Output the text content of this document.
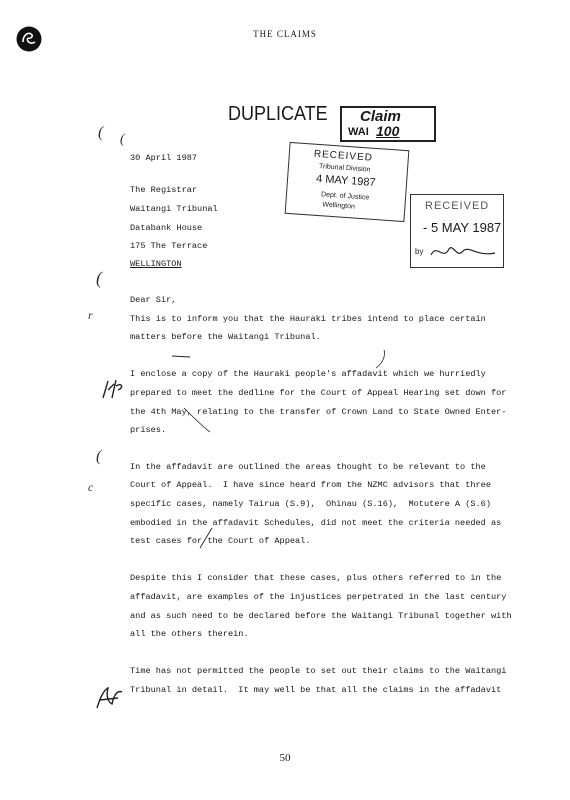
THE CLAIMS
DUPLICATE Claim
WAI 100
RECEIVED
Tribunal Division
4 MAY 1987
Dept. of Justice
Wellington	RECEIVED
- 5 MAY 1987
by
30 April 1987
The Registrar
Waitangi Tribunal
Databank House
175 The Terrace
WELLINGTON
Dear Sir,
This is to inform you that the Hauraki tribes intend to place certain
matters before the Waitangi Tribunal.
I enclose a copy of the Hauraki people's affadavit which we hurriedly
prepared to meet the dedline for the Court of Appeal Hearing set down for
the 4th May, relating to the transfer of Crown Land to State Owned Enter-
prises.
In the affadavit are outlined the areas thought to be relevant to the
Court of Appeal.  I have since heard from the NZMC advisors that three
specific cases, namely Tairua (S.9),  Ohinau (S.16),  Motutere A (S.6)
embodied in the affadavit Schedules, did not meet the criteria needed as
test cases for the Court of Appeal.
Despite this I consider that these cases, plus others referred to in the
affadavit, are examples of the injustices perpetrated in the last century
and as such need to be declared before the Waitangi Tribunal together with
all the others therein.
Time has not permitted the people to set out their claims to the Waitangi
Tribunal in detail.  It may well be that all the claims in the affadavit
( (
(
r
c
(
50
